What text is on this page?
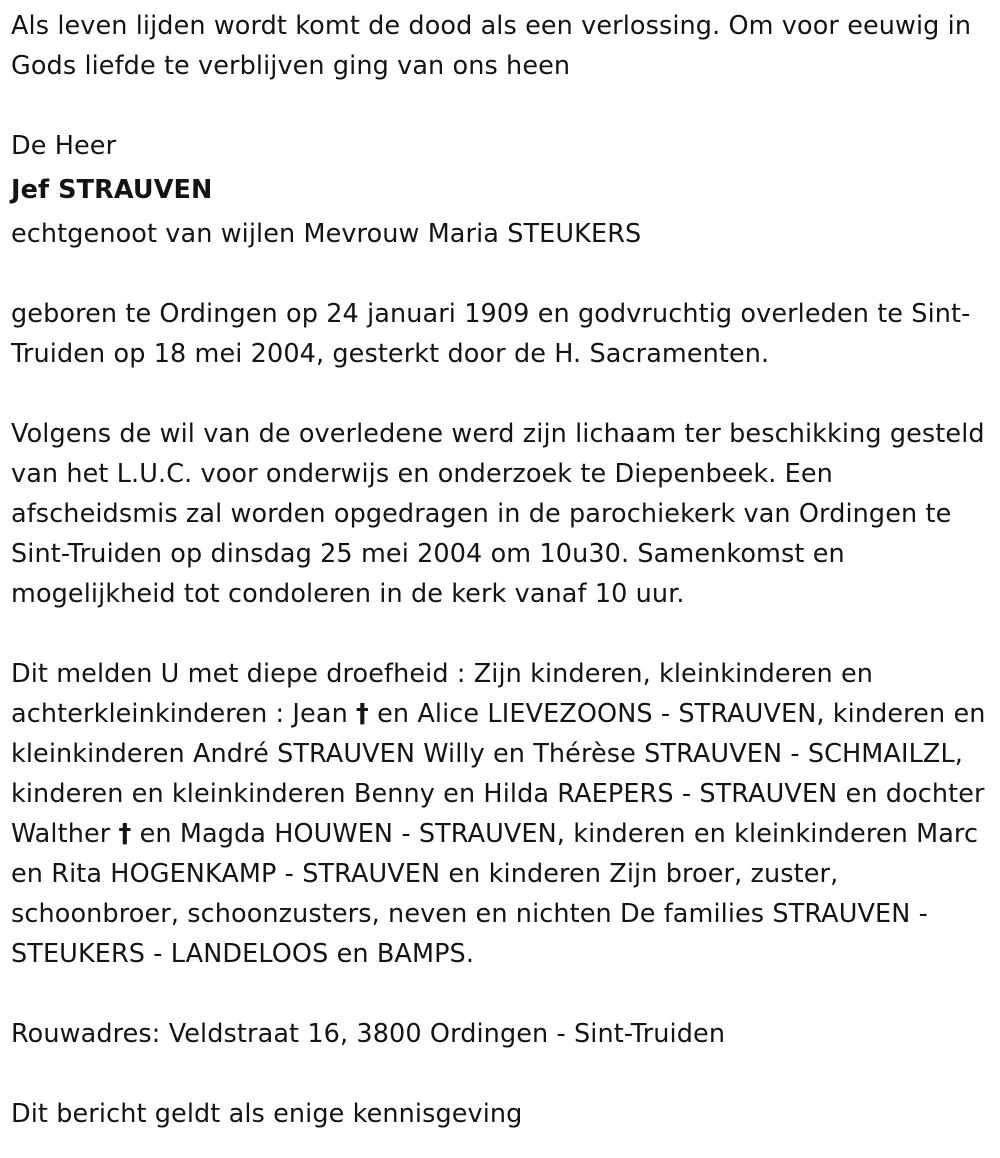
Als leven lijden wordt komt de dood als een verlossing. Om voor eeuwig in Gods liefde te verblijven ging van ons heen

De Heer

Jef STRAUVEN

echtgenoot van wijlen Mevrouw Maria STEUKERS

geboren te Ordingen op 24 januari 1909 en godvruchtig overleden te Sint-Truiden op 18 mei 2004, gesterkt door de H. Sacramenten.

Volgens de wil van de overledene werd zijn lichaam ter beschikking gesteld van het L.U.C. voor onderwijs en onderzoek te Diepenbeek. Een afscheidsmis zal worden opgedragen in de parochiekerk van Ordingen te Sint-Truiden op dinsdag 25 mei 2004 om 10u30. Samenkomst en mogelijkheid tot condoleren in de kerk vanaf 10 uur.

Dit melden U met diepe droefheid : Zijn kinderen, kleinkinderen en achterkleinkinderen : Jean † en Alice LIEVEZOONS - STRAUVEN, kinderen en kleinkinderen André STRAUVEN Willy en Thérèse STRAUVEN - SCHMAILZL, kinderen en kleinkinderen Benny en Hilda RAEPERS - STRAUVEN en dochter Walther † en Magda HOUWEN - STRAUVEN, kinderen en kleinkinderen Marc en Rita HOGENKAMP - STRAUVEN en kinderen Zijn broer, zuster, schoonbroer, schoonzusters, neven en nichten De families STRAUVEN - STEUKERS - LANDELOOS en BAMPS.

Rouwadres: Veldstraat 16, 3800 Ordingen - Sint-Truiden

Dit bericht geldt als enige kennisgeving
